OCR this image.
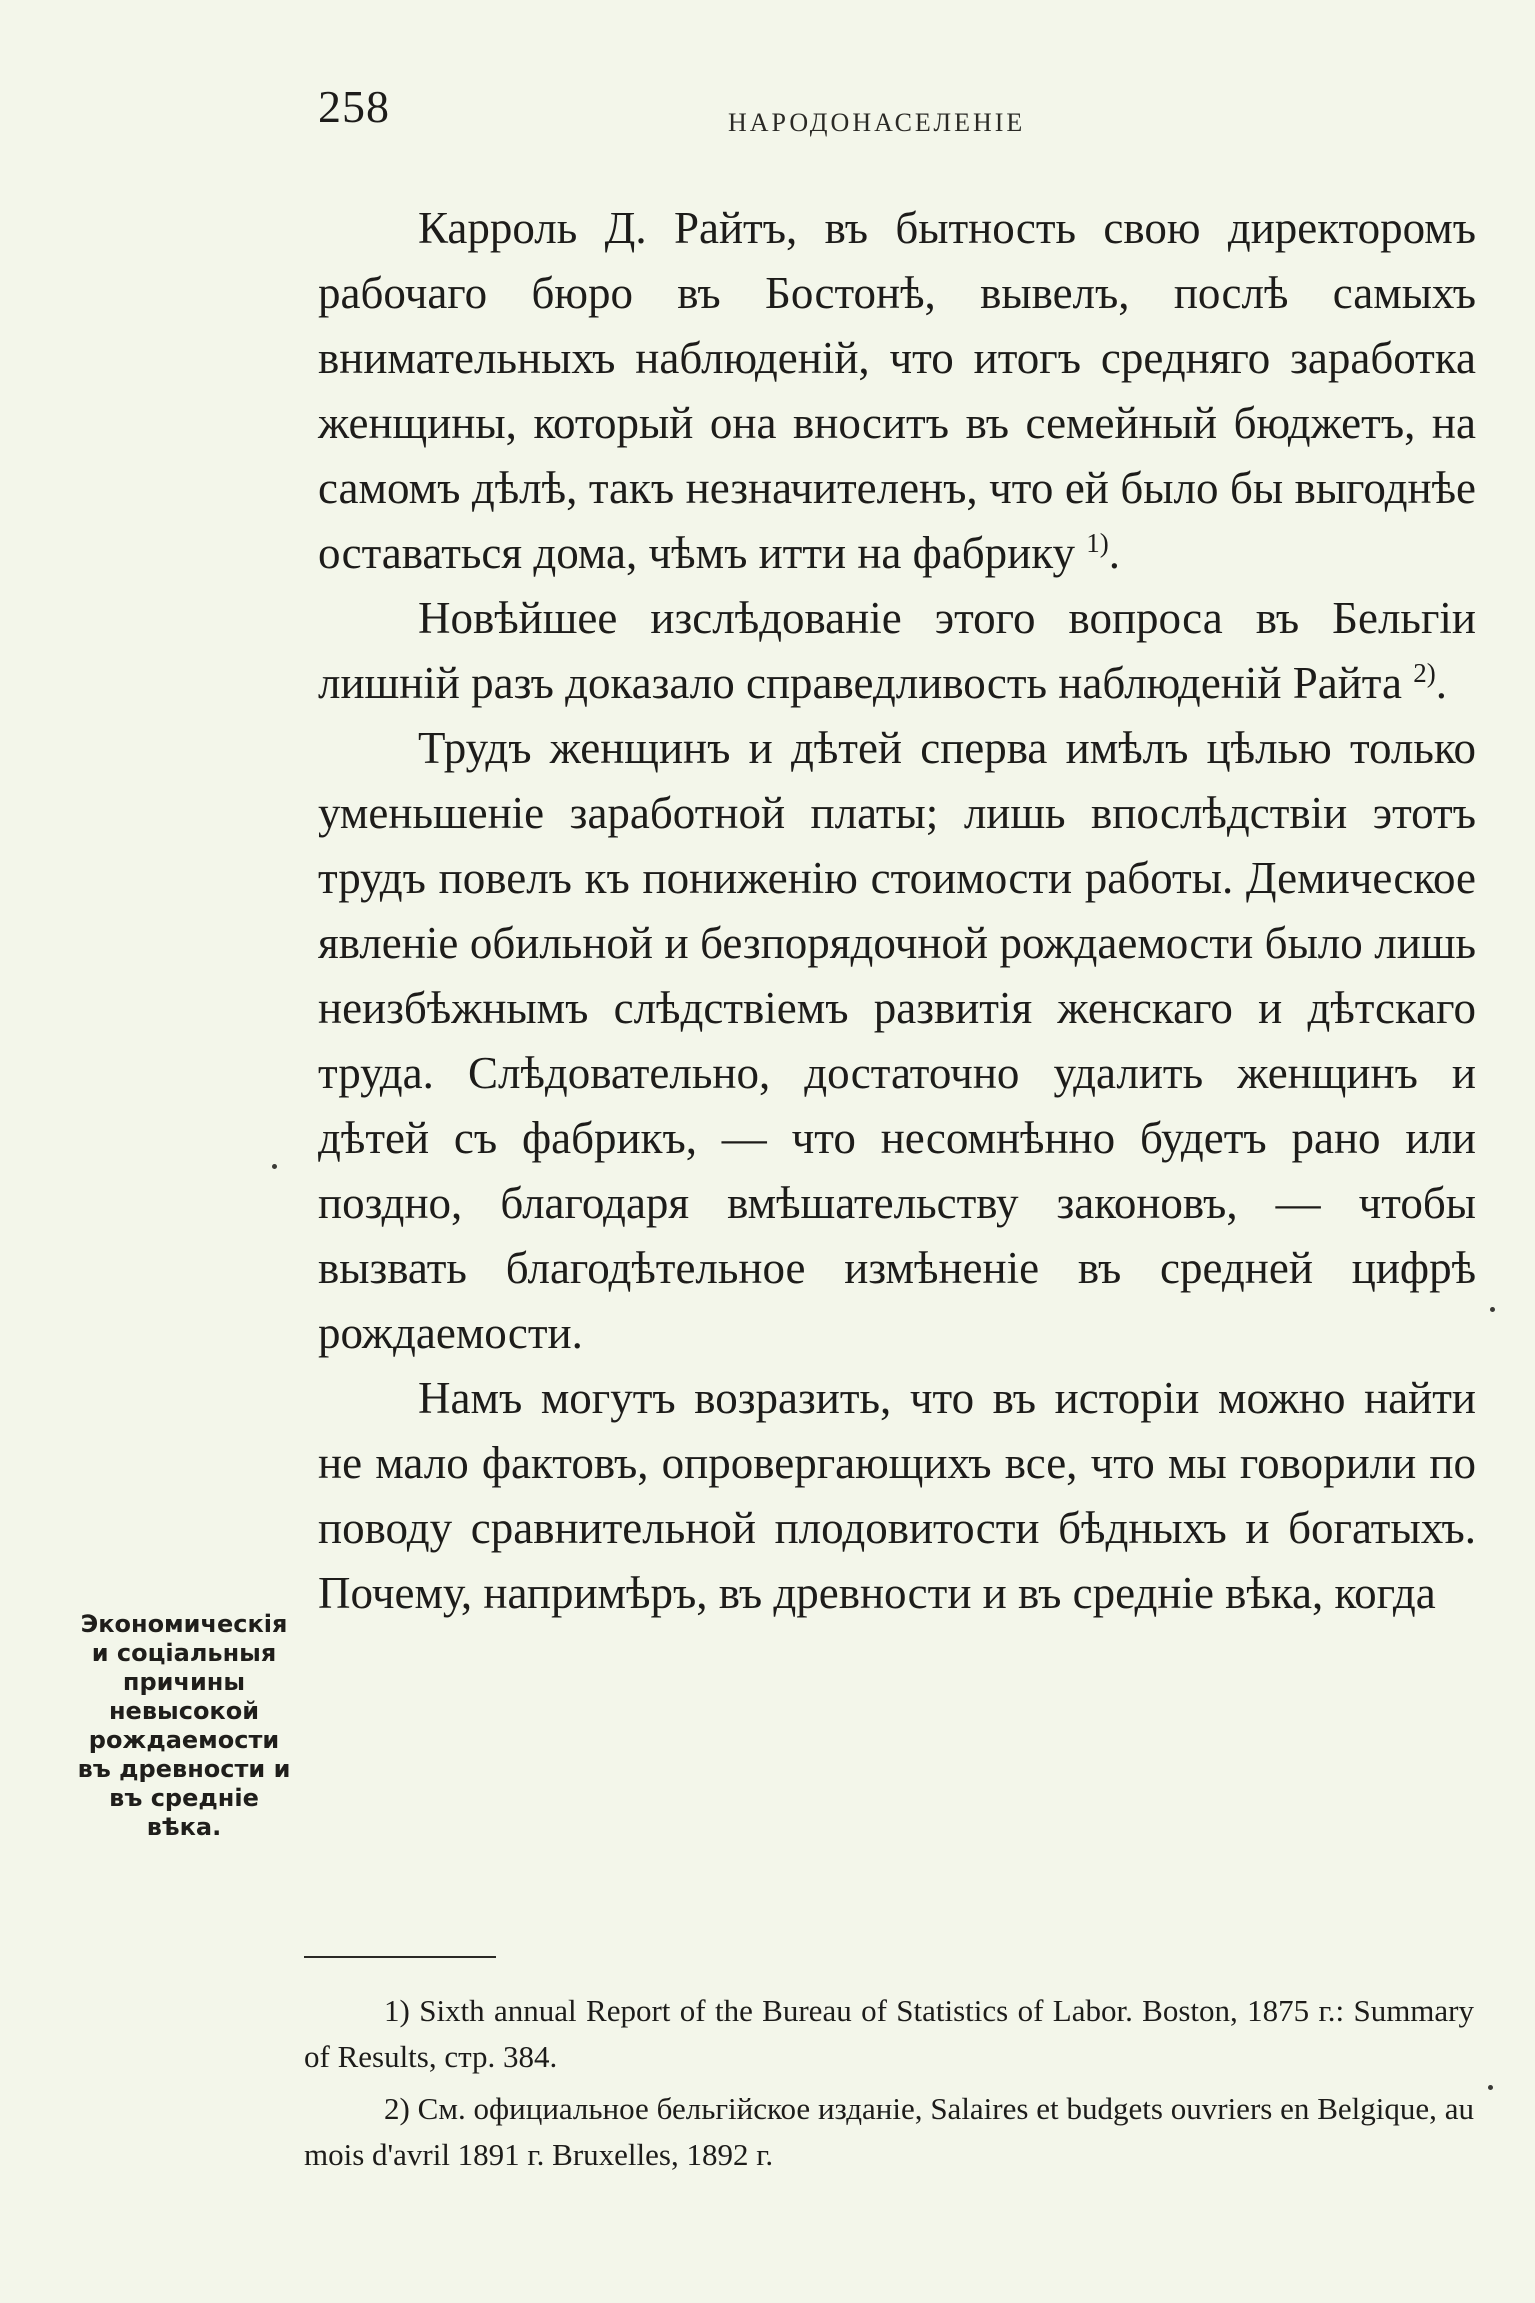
258	НАРОДОНАСЕЛЕНІЕ

Карроль Д. Райтъ, въ бытность свою директоромъ рабочаго бюро въ Бостонѣ, вывелъ, послѣ самыхъ внимательныхъ наблюденій, что итогъ средняго заработка женщины, который она вноситъ въ семейный бюджетъ, на самомъ дѣлѣ, такъ незначителенъ, что ей было бы выгоднѣе оставаться дома, чѣмъ итти на фабрику $^{1)}$.

Новѣйшее изслѣдованіе этого вопроса въ Бельгіи лишній разъ доказало справедливость наблюденій Райта $^{2)}$.

Трудъ женщинъ и дѣтей сперва имѣлъ цѣлью только уменьшеніе заработной платы; лишь впослѣдствіи этотъ трудъ повелъ къ пониженію стоимости работы. Демическое явленіе обильной и безпорядочной рождаемости было лишь неизбѣжнымъ слѣдствіемъ развитія женскаго и дѣтскаго труда. Слѣдовательно, достаточно удалить женщинъ и дѣтей съ фабрикъ, — что несомнѣнно будетъ рано или поздно, благодаря вмѣшательству законовъ, — чтобы вызвать благодѣтельное измѣненіе въ средней цифрѣ рождаемости.

Намъ могутъ возразить, что въ исторіи можно найти не мало фактовъ, опровергающихъ все, что мы говорили по поводу сравнительной плодовитости бѣдныхъ и богатыхъ. Почему, напримѣръ, въ древности и въ средніе вѣка, когда

Экономическія и соціальныя причины невысокой рождаемости въ древности и въ средніе вѣка.

1) Sixth annual Report of the Bureau of Statistics of Labor. Boston, 1875 г.: Summary of Results, стр. 384.

2) См. официальное бельгійское изданіе, Salaires et budgets ouvriers en Belgique, au mois d'avril 1891 г. Bruxelles, 1892 г.
